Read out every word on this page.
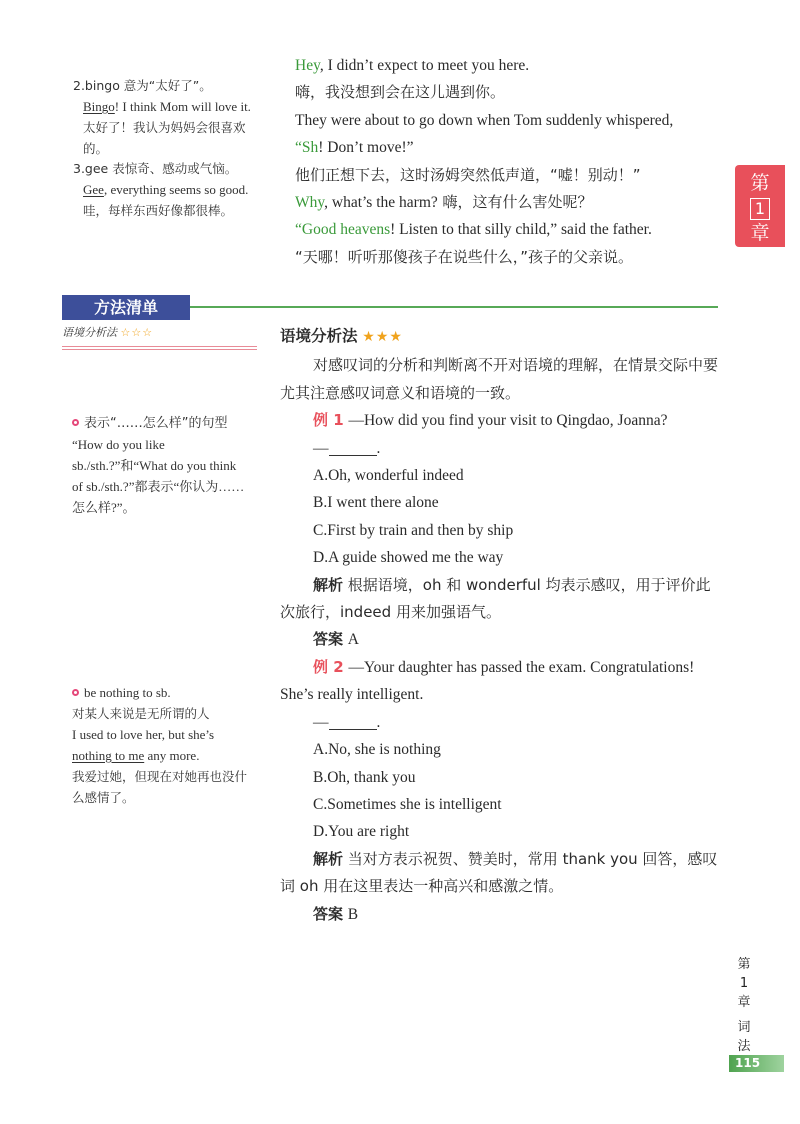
2.bingo 意为“太好了”。
Bingo! I think Mom will love it.太好了！我认为妈妈会很喜欢的。
3.gee 表惊奇、感动或气恼。
Gee, everything seems so good.哇，每样东西好像都很棒。
Hey, I didn’t expect to meet you here.
嗨，我没想到会在这儿遇到你。
They were about to go down when Tom suddenly whispered,
“Sh! Don’t move!”
他们正想下去，这时汤姆突然低声道，“嘘！别动！”
Why, what’s the harm? 嗨，这有什么害处呢？
“Good heavens! Listen to that silly child,” said the father.
“天哪！听听那傻孩子在说些什么，”孩子的父亲说。
第
1
章
方法清单
语境分析法 ☆☆☆
表示“……怎么样”的句型
“How do you like sb./sth.?”和“What do you think of sb./sth.?”都表示“你认为……怎么样?”。
be nothing to sb.
对某人来说是无所谓的人
I used to love her, but she’s nothing to me any more.
我爱过她，但现在对她再也没什么感情了。

语境分析法 ★★★

对感叹词的分析和判断离不开对语境的理解，在情景交际中要尤其注意感叹词意义和语境的一致。

例 1 —How did you find your visit to Qingdao, Joanna?

—	.

A.Oh, wonderful indeed

B.I went there alone

C.First by train and then by ship

D.A guide showed me the way

解析 根据语境，oh 和 wonderful 均表示感叹，用于评价此次旅行，indeed 用来加强语气。

答案 A

例 2 —Your daughter has passed the exam. Congratulations! She’s really intelligent.

—	.

A.No, she is nothing

B.Oh, thank you

C.Sometimes she is intelligent

D.You are right

解析 当对方表示祝贺、赞美时，常用 thank you 回答，感叹词 oh 用在这里表达一种高兴和感激之情。

答案 B

第
1
章
词
法
115
